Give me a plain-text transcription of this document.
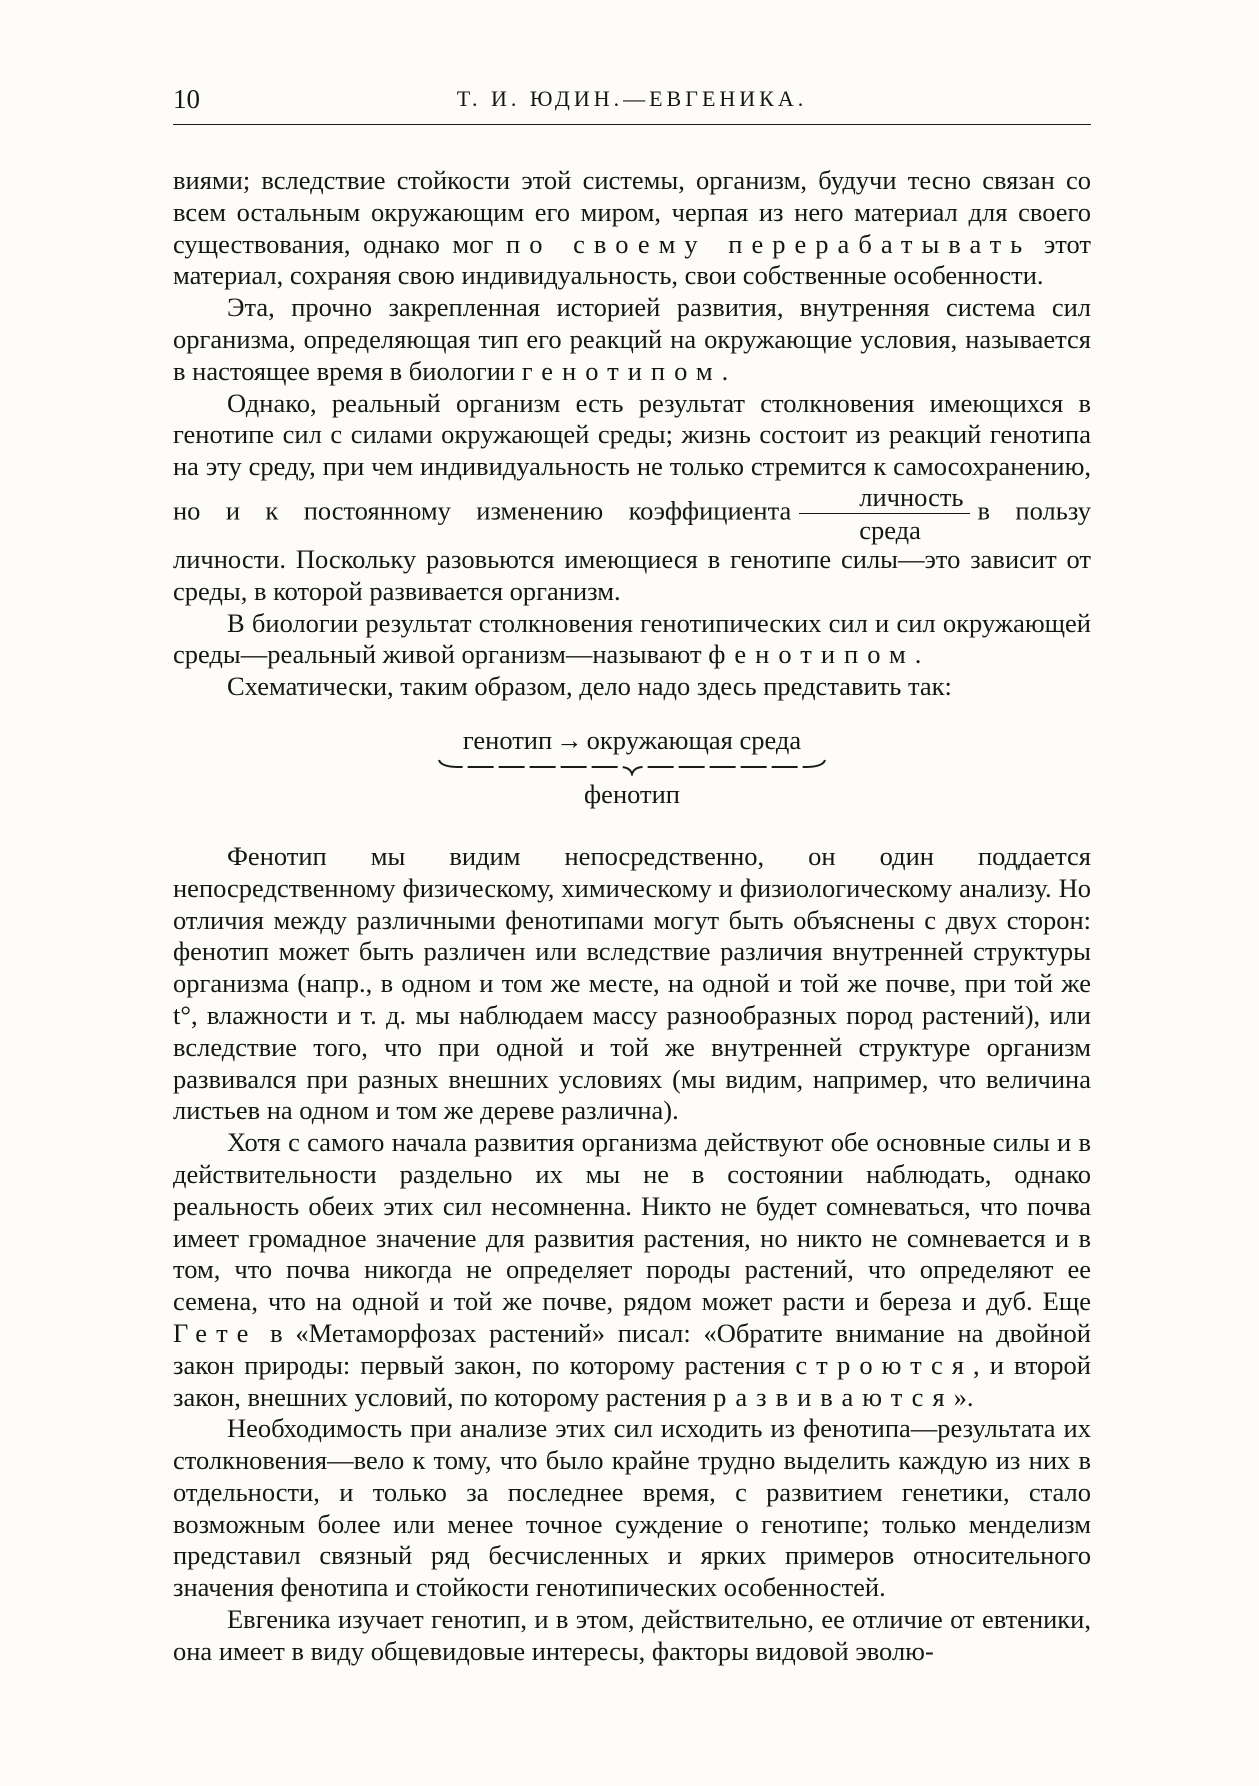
10	Т. И. ЮДИН.—ЕВГЕНИКА.

виями; вследствие стойкости этой системы, организм, будучи тесно связан со всем остальным окружающим его миром, черпая из него материал для своего существования, однако мог по своему перерабатывать этот материал, сохраняя свою индивидуальность, свои собственные особенности.

Эта, прочно закрепленная историей развития, внутренняя система сил организма, определяющая тип его реакций на окружающие условия, называется в настоящее время в биологии генотипом.

Однако, реальный организм есть результат столкновения имеющихся в генотипе сил с силами окружающей среды; жизнь состоит из реакций генотипа на эту среду, при чем индивидуальность не только стремится к самосохранению, но и к постоянному изменению коэффициента $\frac{\text{личность}}{\text{среда}}$ в пользу личности. Поскольку разовьются имеющиеся в генотипе силы—это зависит от среды, в которой развивается организм.

В биологии результат столкновения генотипических сил и сил окружающей среды—реальный живой организм—называют фенотипом.

Схематически, таким образом, дело надо здесь представить так:

генотип → окружающая среда
фенотип

Фенотип мы видим непосредственно, он один поддается непосредственному физическому, химическому и физиологическому анализу. Но отличия между различными фенотипами могут быть объяснены с двух сторон: фенотип может быть различен или вследствие различия внутренней структуры организма (напр., в одном и том же месте, на одной и той же почве, при той же t°, влажности и т. д. мы наблюдаем массу разнообразных пород растений), или вследствие того, что при одной и той же внутренней структуре организм развивался при разных внешних условиях (мы видим, например, что величина листьев на одном и том же дереве различна).

Хотя с самого начала развития организма действуют обе основные силы и в действительности раздельно их мы не в состоянии наблюдать, однако реальность обеих этих сил несомненна. Никто не будет сомневаться, что почва имеет громадное значение для развития растения, но никто не сомневается и в том, что почва никогда не определяет породы растений, что определяют ее семена, что на одной и той же почве, рядом может расти и береза и дуб. Еще Гете в «Метаморфозах растений» писал: «Обратите внимание на двойной закон природы: первый закон, по которому растения строются, и второй закон, внешних условий, по которому растения развиваются».

Необходимость при анализе этих сил исходить из фенотипа—результата их столкновения—вело к тому, что было крайне трудно выделить каждую из них в отдельности, и только за последнее время, с развитием генетики, стало возможным более или менее точное суждение о генотипе; только менделизм представил связный ряд бесчисленных и ярких примеров относительного значения фенотипа и стойкости генотипических особенностей.

Евгеника изучает генотип, и в этом, действительно, ее отличие от евтеники, она имеет в виду общевидовые интересы, факторы видовой эволю-
